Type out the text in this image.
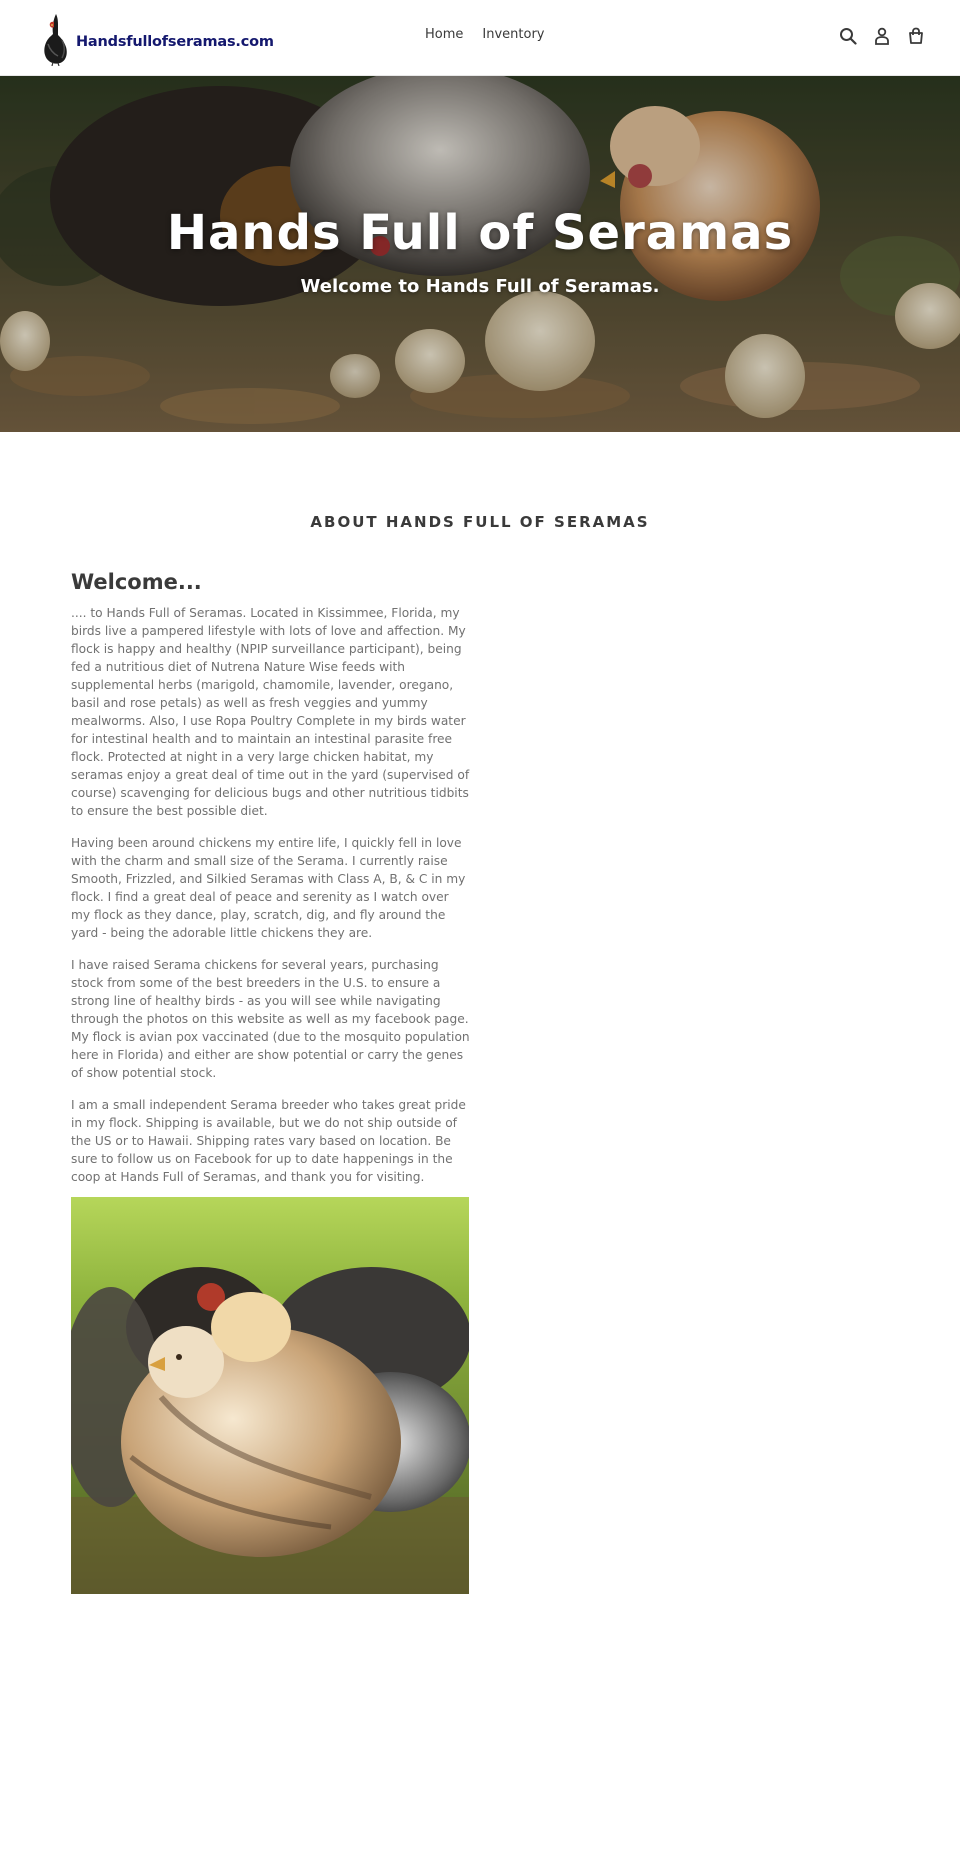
Handsfullofseramas.com	Home Inventory
Hands Full of Seramas

Welcome to Hands Full of Seramas.

ABOUT HANDS FULL OF SERAMAS
Welcome...

.... to Hands Full of Seramas. Located in Kissimmee, Florida, my birds live a pampered lifestyle with lots of love and affection. My flock is happy and healthy (NPIP surveillance participant), being fed a nutritious diet of Nutrena Nature Wise feeds with supplemental herbs (marigold, chamomile, lavender, oregano, basil and rose petals) as well as fresh veggies and yummy mealworms. Also, I use Ropa Poultry Complete in my birds water for intestinal health and to maintain an intestinal parasite free flock. Protected at night in a very large chicken habitat, my seramas enjoy a great deal of time out in the yard (supervised of course) scavenging for delicious bugs and other nutritious tidbits to ensure the best possible diet.

Having been around chickens my entire life, I quickly fell in love with the charm and small size of the Serama. I currently raise Smooth, Frizzled, and Silkied Seramas with Class A, B, & C in my flock. I find a great deal of peace and serenity as I watch over my flock as they dance, play, scratch, dig, and fly around the yard - being the adorable little chickens they are.

I have raised Serama chickens for several years, purchasing stock from some of the best breeders in the U.S. to ensure a strong line of healthy birds - as you will see while navigating through the photos on this website as well as my facebook page. My flock is avian pox vaccinated (due to the mosquito population here in Florida) and either are show potential or carry the genes of show potential stock.

I am a small independent Serama breeder who takes great pride in my flock. Shipping is available, but we do not ship outside of the US or to Hawaii. Shipping rates vary based on location. Be sure to follow us on Facebook for up to date happenings in the coop at Hands Full of Seramas, and thank you for visiting.
